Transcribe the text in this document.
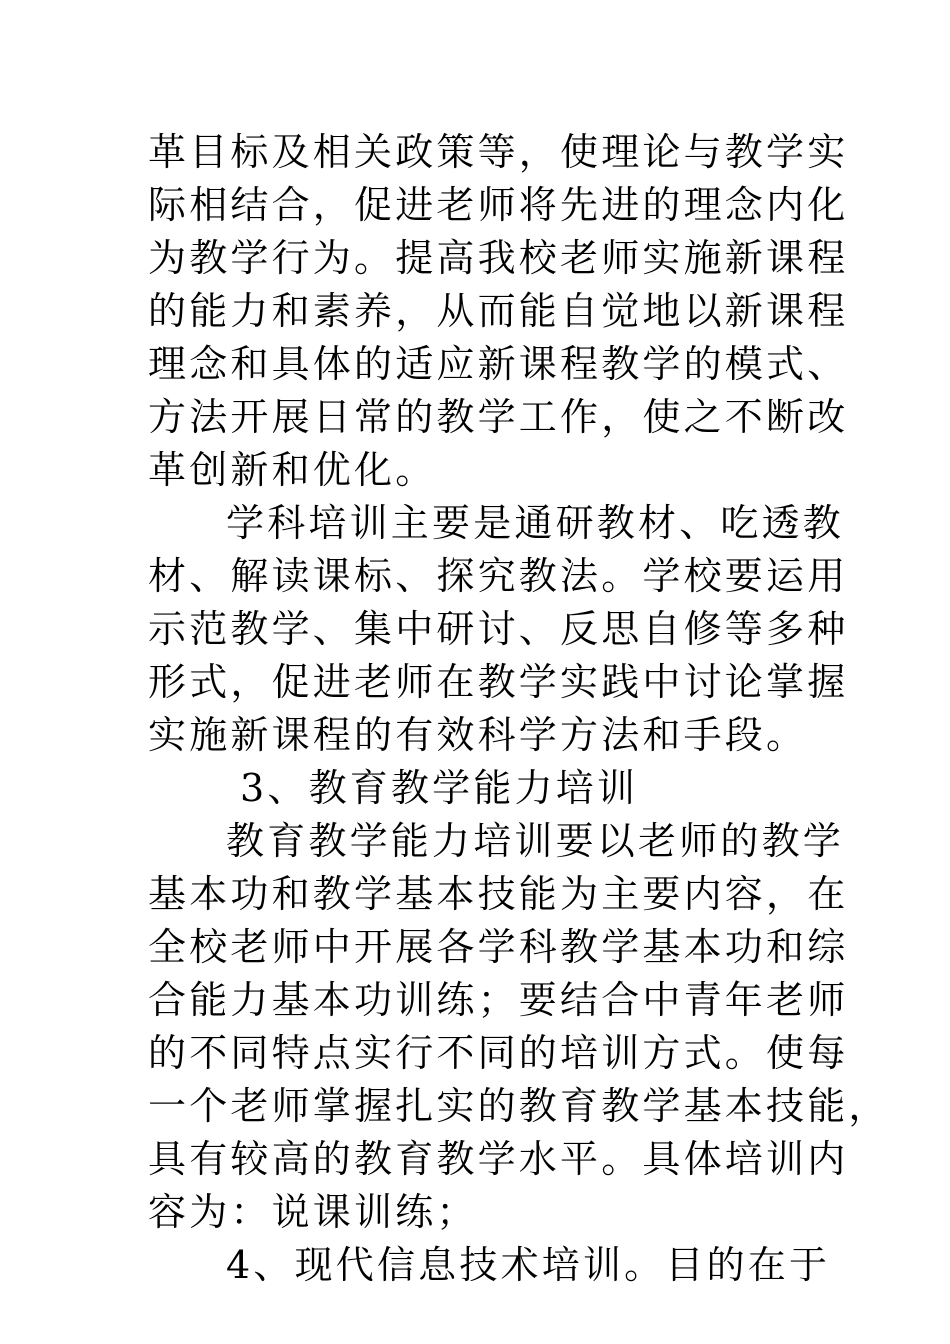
革目标及相关政策等，使理论与教学实
际相结合，促进老师将先进的理念内化
为教学行为。提高我校老师实施新课程
的能力和素养，从而能自觉地以新课程
理念和具体的适应新课程教学的模式、
方法开展日常的教学工作，使之不断改
革创新和优化。
学科培训主要是通研教材、吃透教
材、解读课标、探究教法。学校要运用
示范教学、集中研讨、反思自修等多种
形式，促进老师在教学实践中讨论掌握
实施新课程的有效科学方法和手段。
3、教育教学能力培训
教育教学能力培训要以老师的教学
基本功和教学基本技能为主要内容，在
全校老师中开展各学科教学基本功和综
合能力基本功训练；要结合中青年老师
的不同特点实行不同的培训方式。使每
一个老师掌握扎实的教育教学基本技能，
具有较高的教育教学水平。具体培训内
容为：说课训练；
4、现代信息技术培训。目的在于
